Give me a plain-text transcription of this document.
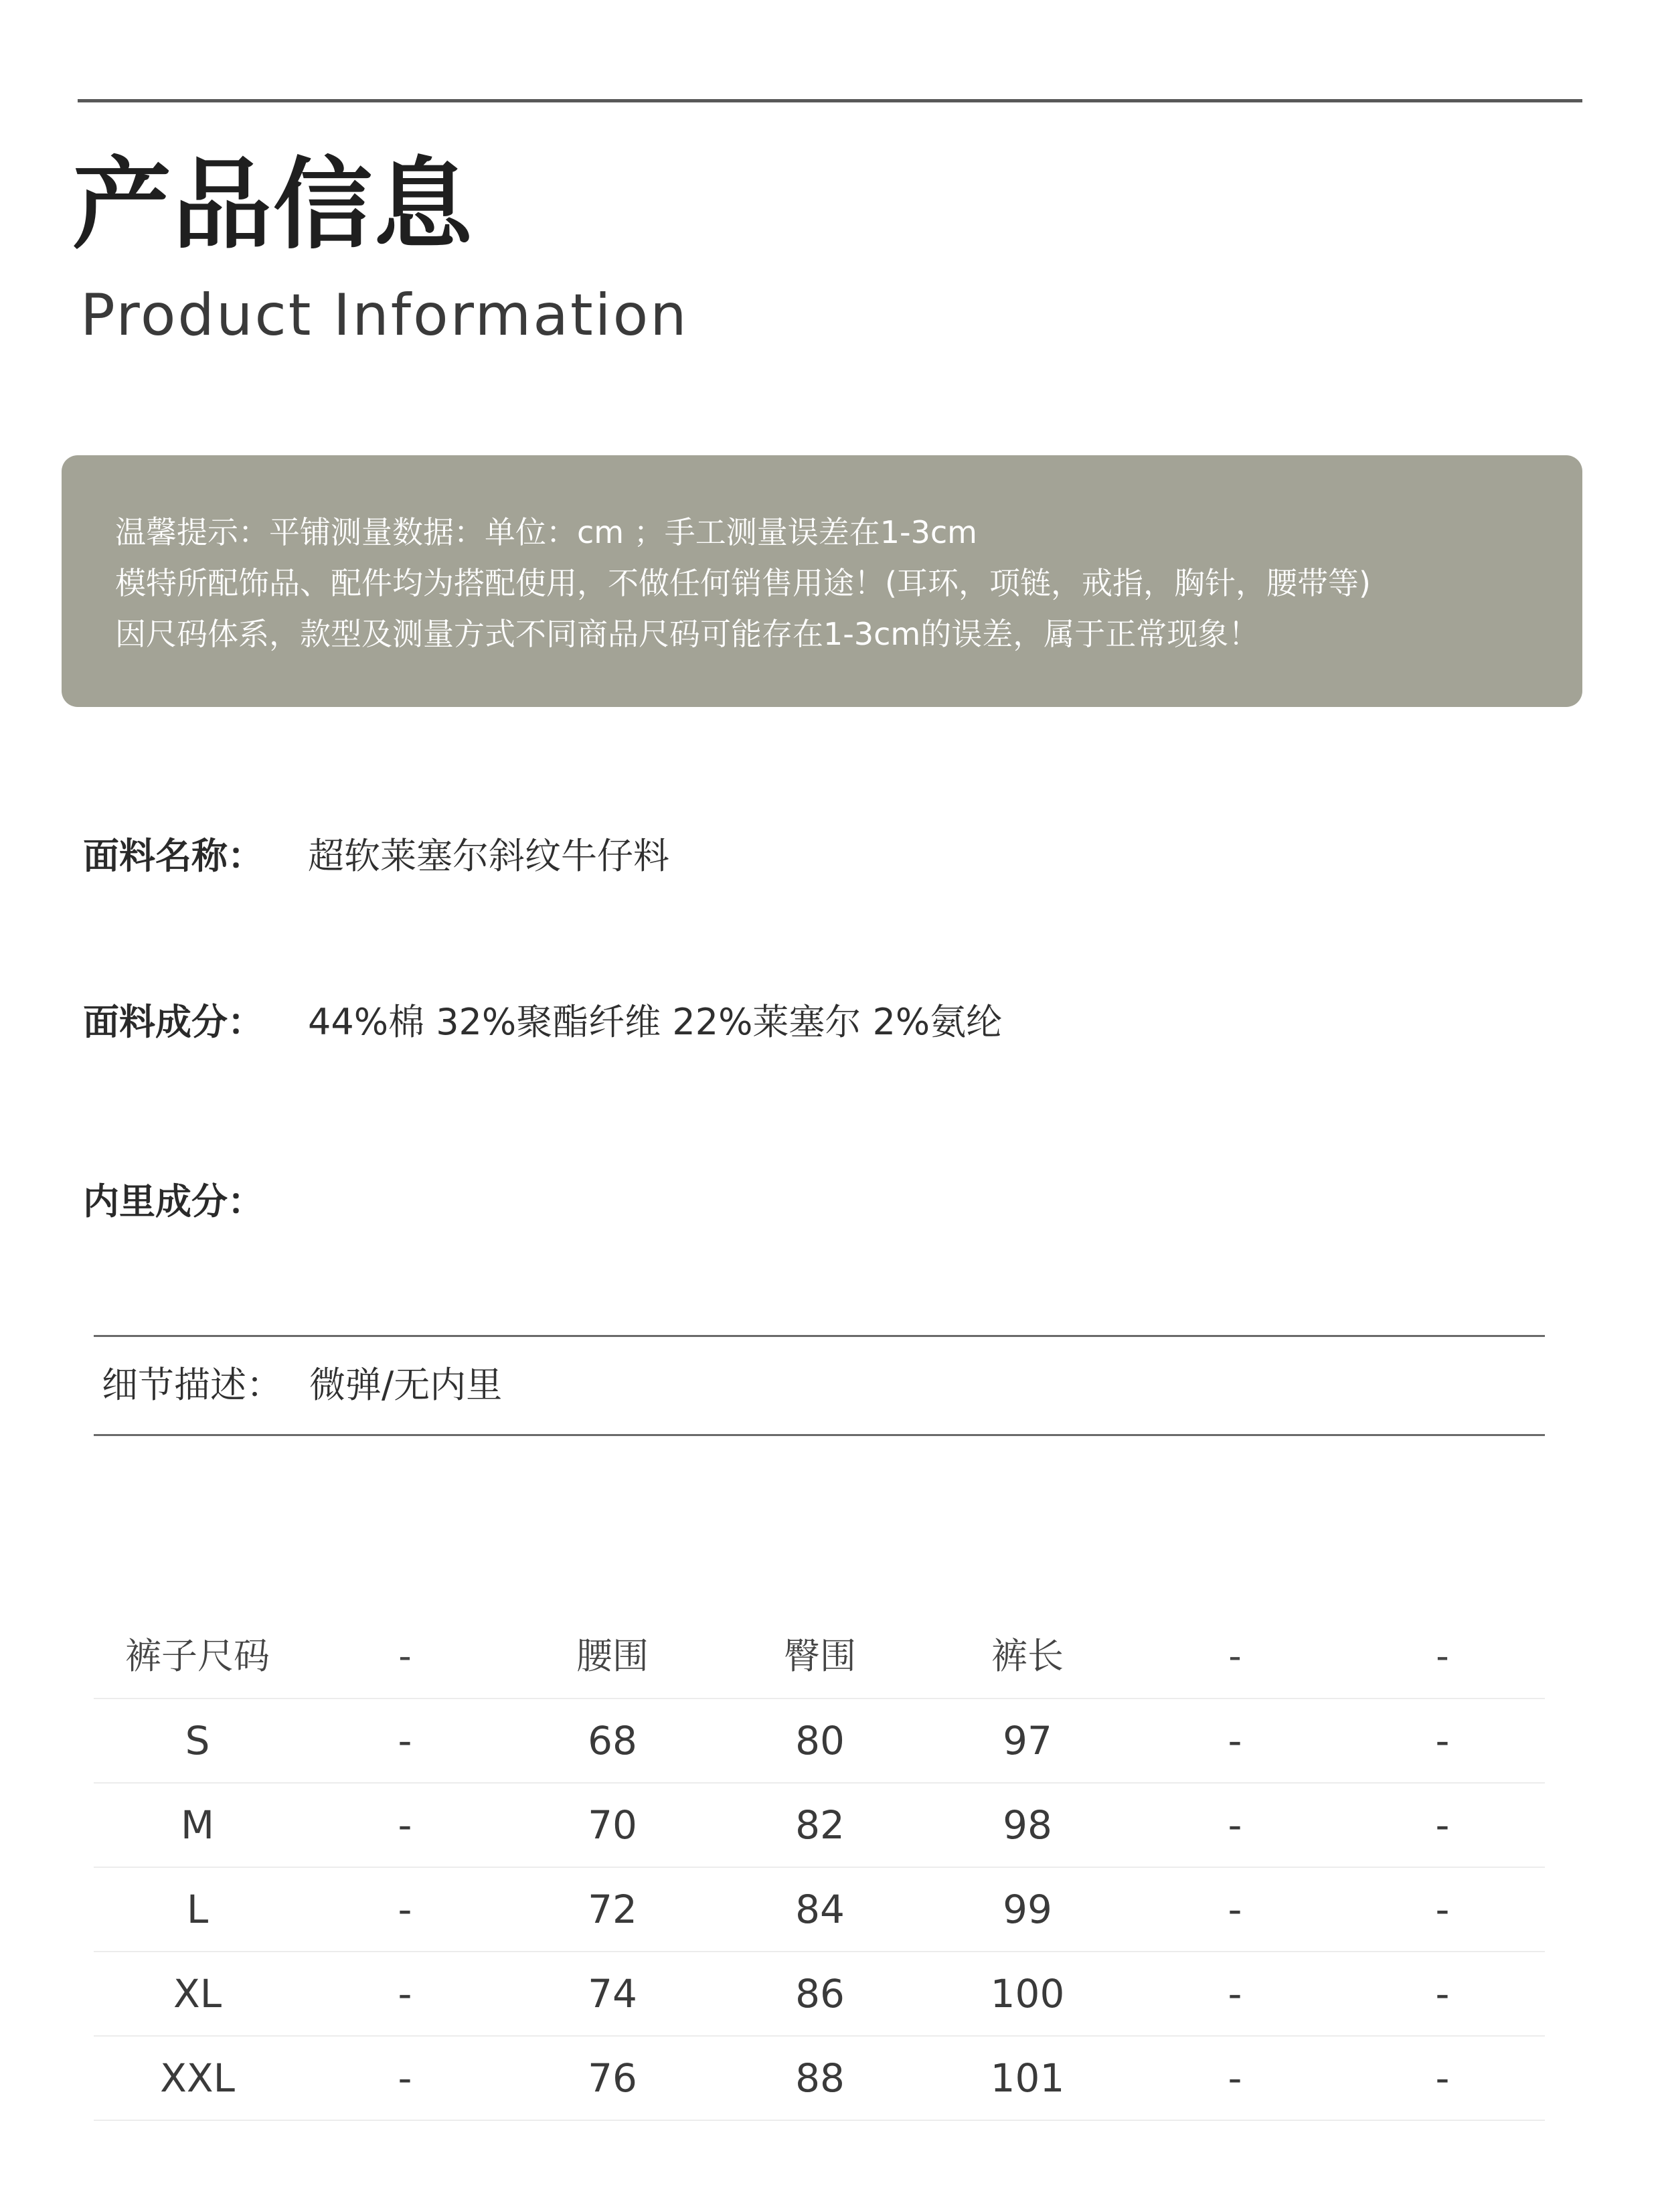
产品信息
Product Information
温馨提示：平铺测量数据：单位：cm ；手工测量误差在1-3cm
模特所配饰品、配件均为搭配使用，不做任何销售用途！(耳环，项链，戒指，胸针，腰带等)
因尺码体系，款型及测量方式不同商品尺码可能存在1-3cm的误差，属于正常现象！
面料名称： 超软莱塞尔斜纹牛仔料
面料成分： 44%棉 32%聚酯纤维 22%莱塞尔 2%氨纶
内里成分：
细节描述： 微弹/无内里
裤子尺码	-	腰围	臀围	裤长	-	-
S	-	68	80	97	-	-
M	-	70	82	98	-	-
L	-	72	84	99	-	-
XL	-	74	86	100	-	-
XXL	-	76	88	101	-	-
